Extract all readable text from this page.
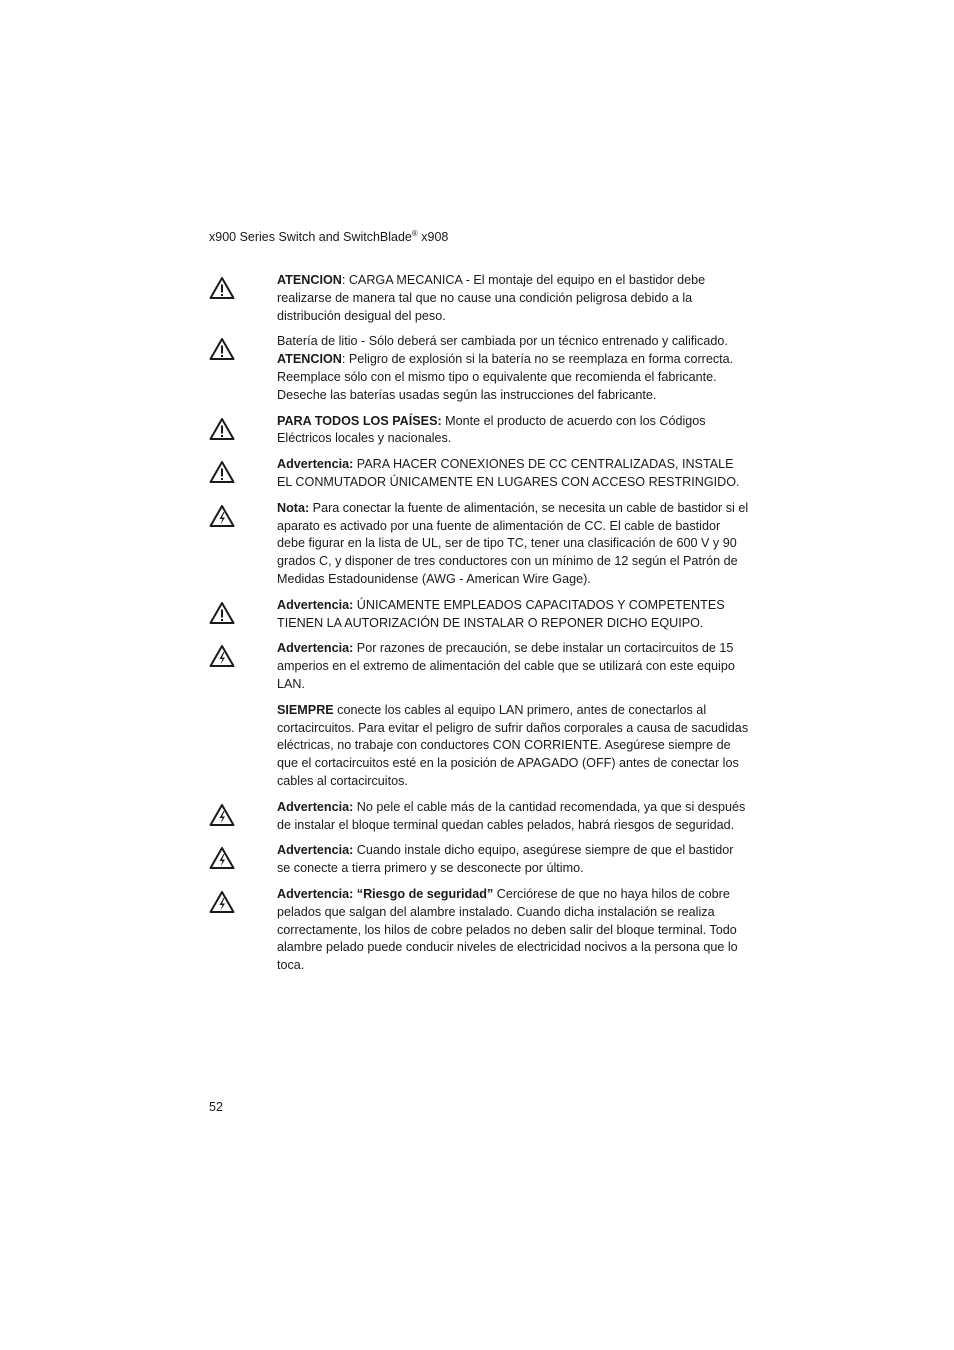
x900 Series Switch and SwitchBlade® x908

ATENCION: CARGA MECANICA - El montaje del equipo en el bastidor debe realizarse de manera tal que no cause una condición peligrosa debido a la distribución desigual del peso.

Batería de litio - Sólo deberá ser cambiada por un técnico entrenado y calificado.

ATENCION: Peligro de explosión si la batería no se reemplaza en forma correcta. Reemplace sólo con el mismo tipo o equivalente que recomienda el fabricante. Deseche las baterías usadas según las instrucciones del fabricante.

PARA TODOS LOS PAÍSES: Monte el producto de acuerdo con los Códigos Eléctricos locales y nacionales.

Advertencia: PARA HACER CONEXIONES DE CC CENTRALIZADAS, INSTALE EL CONMUTADOR ÚNICAMENTE EN LUGARES CON ACCESO RESTRINGIDO.

Nota: Para conectar la fuente de alimentación, se necesita un cable de bastidor si el aparato es activado por una fuente de alimentación de CC. El cable de bastidor debe figurar en la lista de UL, ser de tipo TC, tener una clasificación de 600 V y 90 grados C, y disponer de tres conductores con un mínimo de 12 según el Patrón de Medidas Estadounidense (AWG - American Wire Gage).

Advertencia: ÚNICAMENTE EMPLEADOS CAPACITADOS Y COMPETENTES TIENEN LA AUTORIZACIÓN DE INSTALAR O REPONER DICHO EQUIPO.

Advertencia: Por razones de precaución, se debe instalar un cortacircuitos de 15 amperios en el extremo de alimentación del cable que se utilizará con este equipo LAN.

SIEMPRE conecte los cables al equipo LAN primero, antes de conectarlos al cortacircuitos. Para evitar el peligro de sufrir daños corporales a causa de sacudidas eléctricas, no trabaje con conductores CON CORRIENTE. Asegúrese siempre de que el cortacircuitos esté en la posición de APAGADO (OFF) antes de conectar los cables al cortacircuitos.

Advertencia: No pele el cable más de la cantidad recomendada, ya que si después de instalar el bloque terminal quedan cables pelados, habrá riesgos de seguridad.

Advertencia: Cuando instale dicho equipo, asegúrese siempre de que el bastidor se conecte a tierra primero y se desconecte por último.

Advertencia: “Riesgo de seguridad” Cerciórese de que no haya hilos de cobre pelados que salgan del alambre instalado. Cuando dicha instalación se realiza correctamente, los hilos de cobre pelados no deben salir del bloque terminal. Todo alambre pelado puede conducir niveles de electricidad nocivos a la persona que lo toca.

52
